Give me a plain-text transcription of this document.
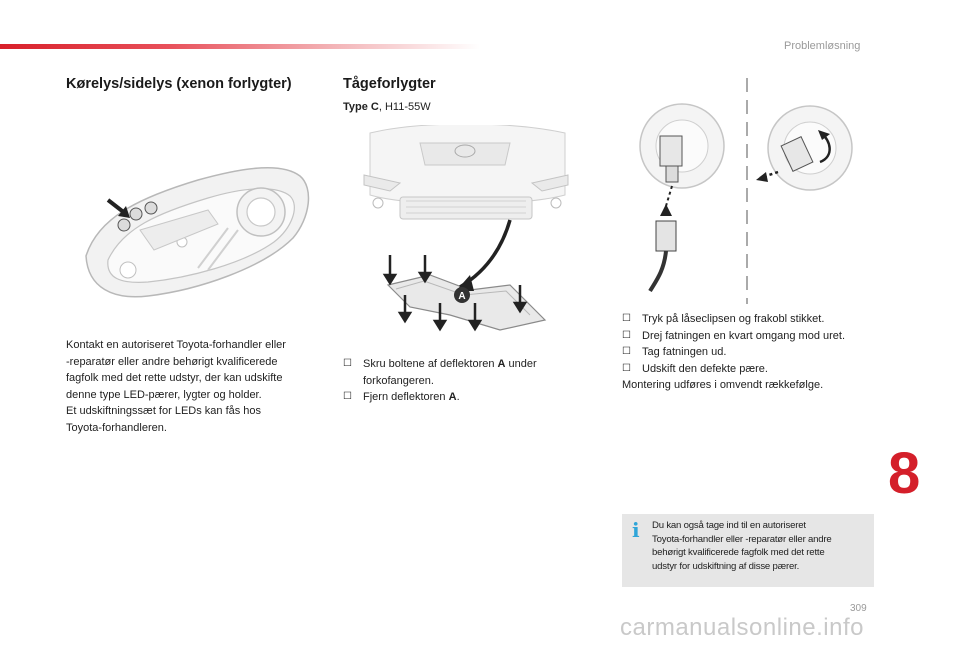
Problemløsning
Kørelys/sidelys (xenon forlygter)
Kontakt en autoriseret Toyota-forhandler eller
-reparatør eller andre behørigt kvalificerede
fagfolk med det rette udstyr, der kan udskifte
denne type LED-pærer, lygter og holder.
Et udskiftningssæt for LEDs kan fås hos
Toyota-forhandleren.
Tågeforlygter
Type C, H11-55W
A
☐ Skru boltene af deflektoren A under
forkofangeren.
☐ Fjern deflektoren A.
☐ Tryk på låseclipsen og frakobl stikket.
☐ Drej fatningen en kvart omgang mod uret.
☐ Tag fatningen ud.
☐ Udskift den defekte pære.
Montering udføres i omvendt rækkefølge.
8
i Du kan også tage ind til en autoriseret
Toyota-forhandler eller -reparatør eller andre
behørigt kvalificerede fagfolk med det rette
udstyr for udskiftning af disse pærer.
309
carmanualsonline.info
